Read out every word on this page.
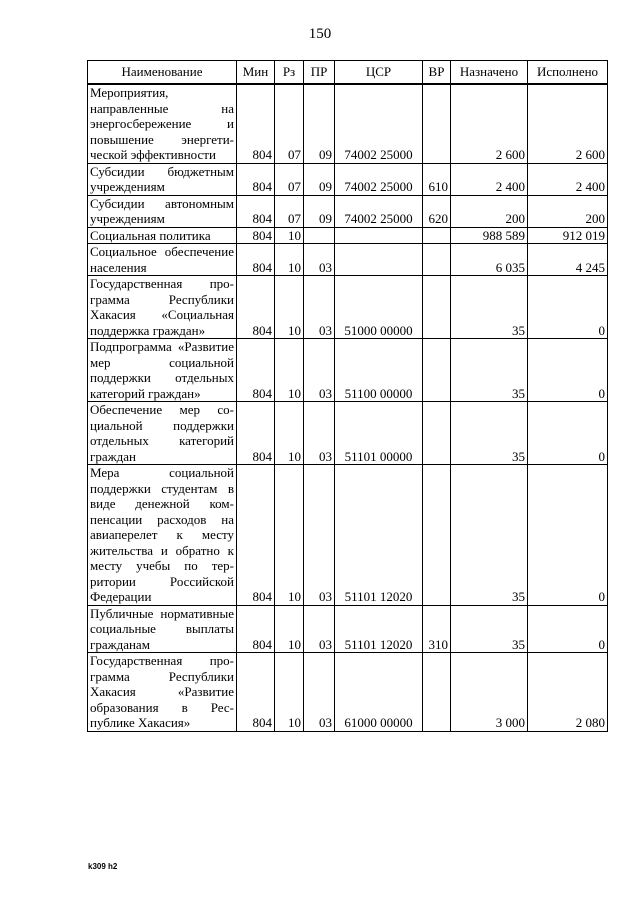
150
Наименование	Мин	Рз	ПР	ЦСР	ВР	Назначено	Исполнено
Мероприятия, направленные на энергосбережение и повышение энергетической эффективности	804	07	09	74002 25000		2 600	2 600
Субсидии бюджетным учреждениям	804	07	09	74002 25000	610	2 400	2 400
Субсидии автономным учреждениям	804	07	09	74002 25000	620	200	200
Социальная политика	804	10				988 589	912 019
Социальное обеспечение населения	804	10	03			6 035	4 245
Государственная программа Республики Хакасия «Социальная поддержка граждан»	804	10	03	51000 00000		35	0
Подпрограмма «Развитие мер социальной поддержки отдельных категорий граждан»	804	10	03	51100 00000		35	0
Обеспечение мер социальной поддержки отдельных категорий граждан	804	10	03	51101 00000		35	0
Мера социальной поддержки студентам в виде денежной компенсации расходов на авиаперелет к месту жительства и обратно к месту учебы по территории Российской Федерации	804	10	03	51101 12020		35	0
Публичные нормативные социальные выплаты гражданам	804	10	03	51101 12020	310	35	0
Государственная программа Республики Хакасия «Развитие образования в Республике Хакасия»	804	10	03	61000 00000		3 000	2 080
k309 h2
